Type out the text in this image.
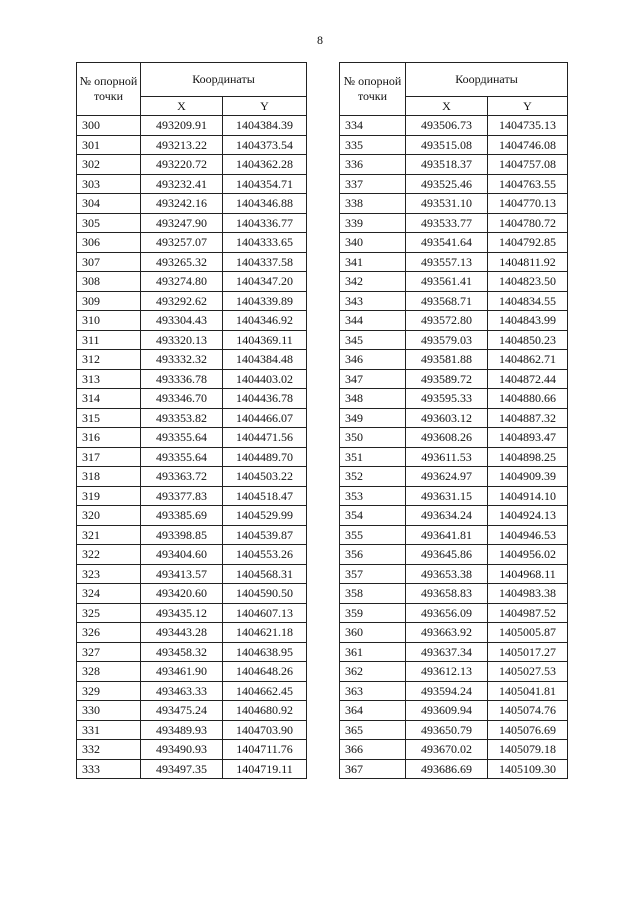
8
№ опорной точки	Координаты	
	X	Y
300	493209.91	1404384.39
301	493213.22	1404373.54
302	493220.72	1404362.28
303	493232.41	1404354.71
304	493242.16	1404346.88
305	493247.90	1404336.77
306	493257.07	1404333.65
307	493265.32	1404337.58
308	493274.80	1404347.20
309	493292.62	1404339.89
310	493304.43	1404346.92
311	493320.13	1404369.11
312	493332.32	1404384.48
313	493336.78	1404403.02
314	493346.70	1404436.78
315	493353.82	1404466.07
316	493355.64	1404471.56
317	493355.64	1404489.70
318	493363.72	1404503.22
319	493377.83	1404518.47
320	493385.69	1404529.99
321	493398.85	1404539.87
322	493404.60	1404553.26
323	493413.57	1404568.31
324	493420.60	1404590.50
325	493435.12	1404607.13
326	493443.28	1404621.18
327	493458.32	1404638.95
328	493461.90	1404648.26
329	493463.33	1404662.45
330	493475.24	1404680.92
331	493489.93	1404703.90
332	493490.93	1404711.76
333	493497.35	1404719.11
№ опорной точки	Координаты	
	X	Y
334	493506.73	1404735.13
335	493515.08	1404746.08
336	493518.37	1404757.08
337	493525.46	1404763.55
338	493531.10	1404770.13
339	493533.77	1404780.72
340	493541.64	1404792.85
341	493557.13	1404811.92
342	493561.41	1404823.50
343	493568.71	1404834.55
344	493572.80	1404843.99
345	493579.03	1404850.23
346	493581.88	1404862.71
347	493589.72	1404872.44
348	493595.33	1404880.66
349	493603.12	1404887.32
350	493608.26	1404893.47
351	493611.53	1404898.25
352	493624.97	1404909.39
353	493631.15	1404914.10
354	493634.24	1404924.13
355	493641.81	1404946.53
356	493645.86	1404956.02
357	493653.38	1404968.11
358	493658.83	1404983.38
359	493656.09	1404987.52
360	493663.92	1405005.87
361	493637.34	1405017.27
362	493612.13	1405027.53
363	493594.24	1405041.81
364	493609.94	1405074.76
365	493650.79	1405076.69
366	493670.02	1405079.18
367	493686.69	1405109.30
